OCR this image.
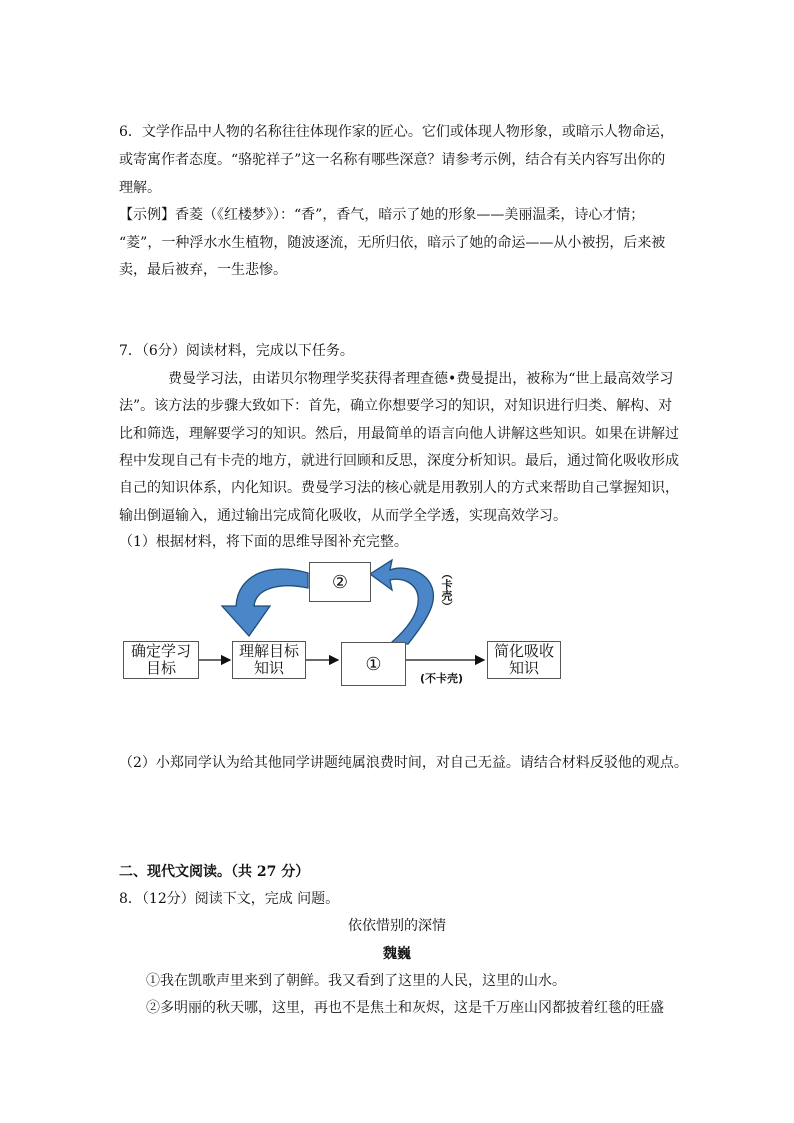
6．文学作品中人物的名称往往体现作家的匠心。它们或体现人物形象，或暗示人物命运，
或寄寓作者态度。“骆驼祥子”这一名称有哪些深意？请参考示例，结合有关内容写出你的
理解。
【示例】香菱（《红楼梦》）：“香”，香气，暗示了她的形象——美丽温柔，诗心才情；
“菱”，一种浮水水生植物，随波逐流，无所归依，暗示了她的命运——从小被拐，后来被
卖，最后被弃，一生悲惨。
7．（6分）阅读材料，完成以下任务。
费曼学习法，由诺贝尔物理学奖获得者理查德•费曼提出，被称为“世上最高效学习
法”。该方法的步骤大致如下：首先，确立你想要学习的知识，对知识进行归类、解构、对
比和筛选，理解要学习的知识。然后，用最简单的语言向他人讲解这些知识。如果在讲解过
程中发现自己有卡壳的地方，就进行回顾和反思，深度分析知识。最后，通过简化吸收形成
自己的知识体系，内化知识。费曼学习法的核心就是用教别人的方式来帮助自己掌握知识，
输出倒逼输入，通过输出完成简化吸收，从而学全学透，实现高效学习。
（1）根据材料，将下面的思维导图补充完整。
确定学习
目标
理解目标
知识	①
②
简化吸收
知识
（卡壳）
(不卡壳)
（2）小郑同学认为给其他同学讲题纯属浪费时间，对自己无益。请结合材料反驳他的观点。
二、现代文阅读。（共 27 分）
8．（12分）阅读下文，完成 问题。
依依惜别的深情
魏巍
①我在凯歌声里来到了朝鲜。我又看到了这里的人民，这里的山水。
②多明丽的秋天哪，这里，再也不是焦土和灰烬，这是千万座山冈都披着红毯的旺盛
